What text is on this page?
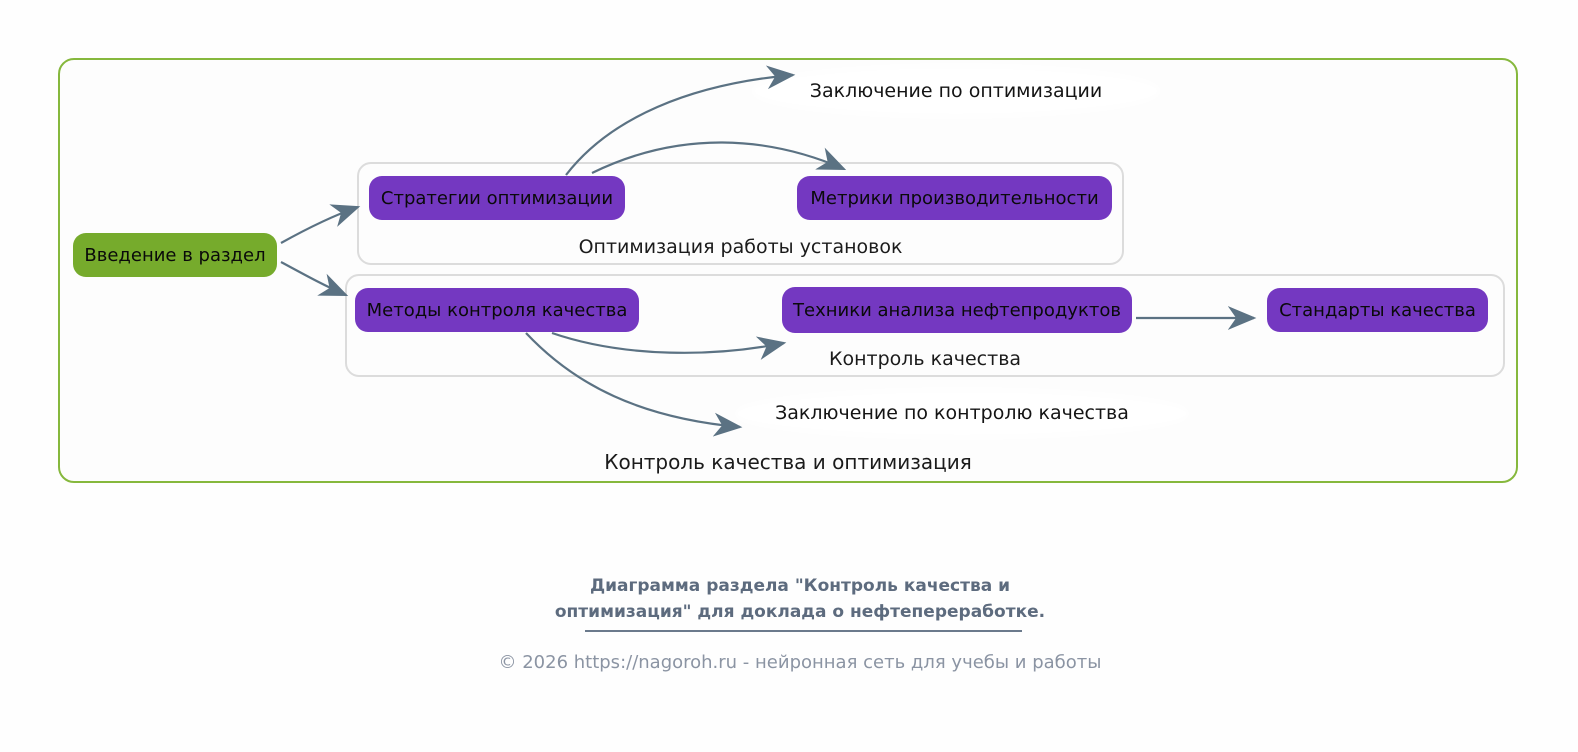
Контроль качества и оптимизация
Оптимизация работы установок
Контроль качества
Введение в раздел
Стратегии оптимизации	Метрики производительности
Методы контроля качества	Техники анализа нефтепродуктов	Стандарты качества
Заключение по оптимизации
Заключение по контролю качества
Диаграмма раздела "Контроль качества и оптимизация" для доклада о нефтепереработке.
© 2026 https://nagoroh.ru - нейронная сеть для учебы и работы
